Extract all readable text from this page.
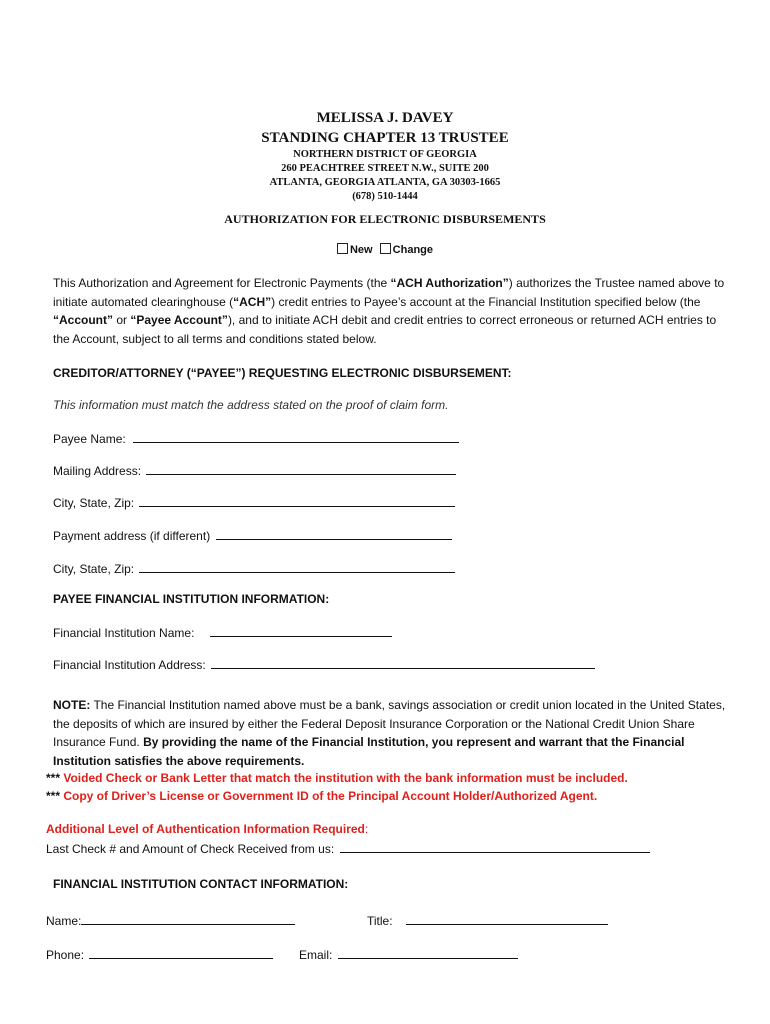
MELISSA J. DAVEY
STANDING CHAPTER 13 TRUSTEE
NORTHERN DISTRICT OF GEORGIA
260 PEACHTREE STREET N.W., SUITE 200
ATLANTA, GEORGIA ATLANTA, GA 30303-1665
(678) 510-1444
AUTHORIZATION FOR ELECTRONIC DISBURSEMENTS
New Change
This Authorization and Agreement for Electronic Payments (the “ACH Authorization”) authorizes the Trustee named above to initiate automated clearinghouse (“ACH”) credit entries to Payee’s account at the Financial Institution specified below (the “Account” or “Payee Account”), and to initiate ACH debit and credit entries to correct erroneous or returned ACH entries to the Account, subject to all terms and conditions stated below.
CREDITOR/ATTORNEY (“PAYEE”) REQUESTING ELECTRONIC DISBURSEMENT:
This information must match the address stated on the proof of claim form.
Payee Name:
Mailing Address:
City, State, Zip:
Payment address (if different)
City, State, Zip:
PAYEE FINANCIAL INSTITUTION INFORMATION:
Financial Institution Name:
Financial Institution Address:
NOTE: The Financial Institution named above must be a bank, savings association or credit union located in the United States, the deposits of which are insured by either the Federal Deposit Insurance Corporation or the National Credit Union Share Insurance Fund. By providing the name of the Financial Institution, you represent and warrant that the Financial Institution satisfies the above requirements.
*** Voided Check or Bank Letter that match the institution with the bank information must be included.
*** Copy of Driver’s License or Government ID of the Principal Account Holder/Authorized Agent.
Additional Level of Authentication Information Required:
Last Check # and Amount of Check Received from us:
FINANCIAL INSTITUTION CONTACT INFORMATION:
Name:	Title:
Phone:	Email:
